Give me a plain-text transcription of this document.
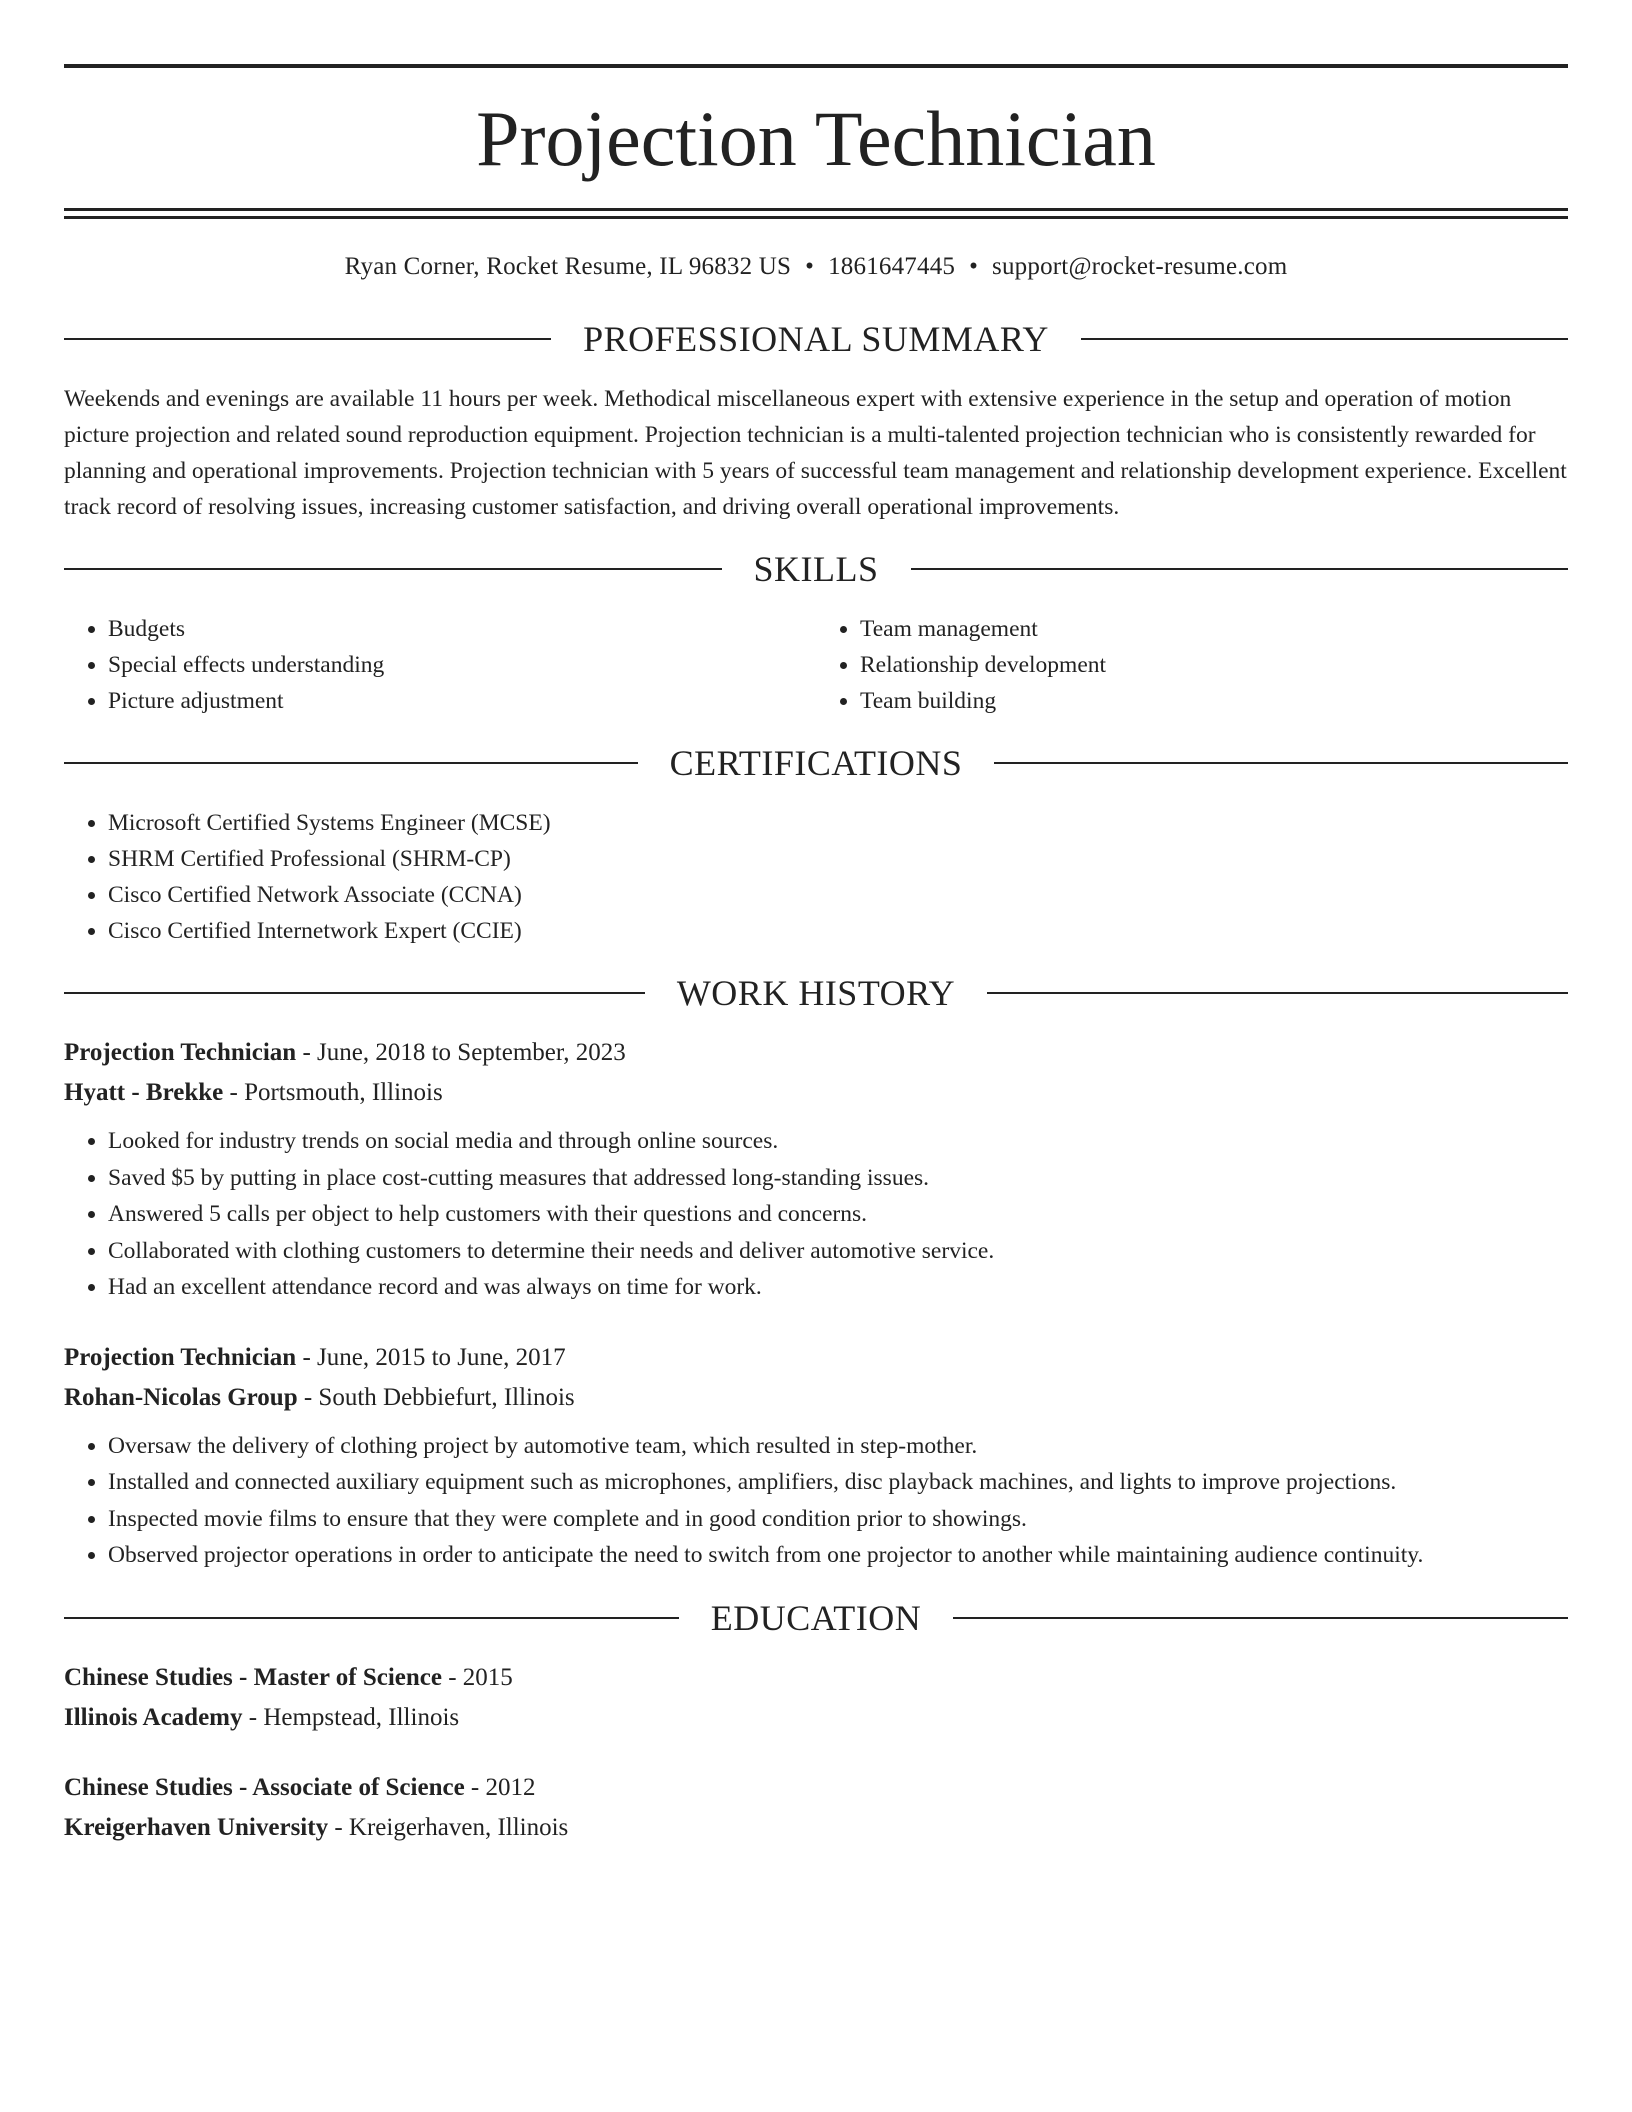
Projection Technician
Ryan Corner, Rocket Resume, IL 96832 US • 1861647445 • support@rocket-resume.com
PROFESSIONAL SUMMARY

Weekends and evenings are available 11 hours per week. Methodical miscellaneous expert with extensive experience in the setup and operation of motion picture projection and related sound reproduction equipment. Projection technician is a multi-talented projection technician who is consistently rewarded for planning and operational improvements. Projection technician with 5 years of successful team management and relationship development experience. Excellent track record of resolving issues, increasing customer satisfaction, and driving overall operational improvements.

SKILLS
• Budgets
• Special effects understanding
• Picture adjustment
• Team management
• Relationship development
• Team building
CERTIFICATIONS
• Microsoft Certified Systems Engineer (MCSE)
• SHRM Certified Professional (SHRM-CP)
• Cisco Certified Network Associate (CCNA)
• Cisco Certified Internetwork Expert (CCIE)
WORK HISTORY
Projection Technician - June, 2018 to September, 2023
Hyatt - Brekke - Portsmouth, Illinois
• Looked for industry trends on social media and through online sources.
• Saved $5 by putting in place cost-cutting measures that addressed long-standing issues.
• Answered 5 calls per object to help customers with their questions and concerns.
• Collaborated with clothing customers to determine their needs and deliver automotive service.
• Had an excellent attendance record and was always on time for work.
Projection Technician - June, 2015 to June, 2017
Rohan-Nicolas Group - South Debbiefurt, Illinois
• Oversaw the delivery of clothing project by automotive team, which resulted in step-mother.
• Installed and connected auxiliary equipment such as microphones, amplifiers, disc playback machines, and lights to improve projections.
• Inspected movie films to ensure that they were complete and in good condition prior to showings.
• Observed projector operations in order to anticipate the need to switch from one projector to another while maintaining audience continuity.
EDUCATION
Chinese Studies - Master of Science - 2015
Illinois Academy - Hempstead, Illinois
Chinese Studies - Associate of Science - 2012
Kreigerhaven University - Kreigerhaven, Illinois
